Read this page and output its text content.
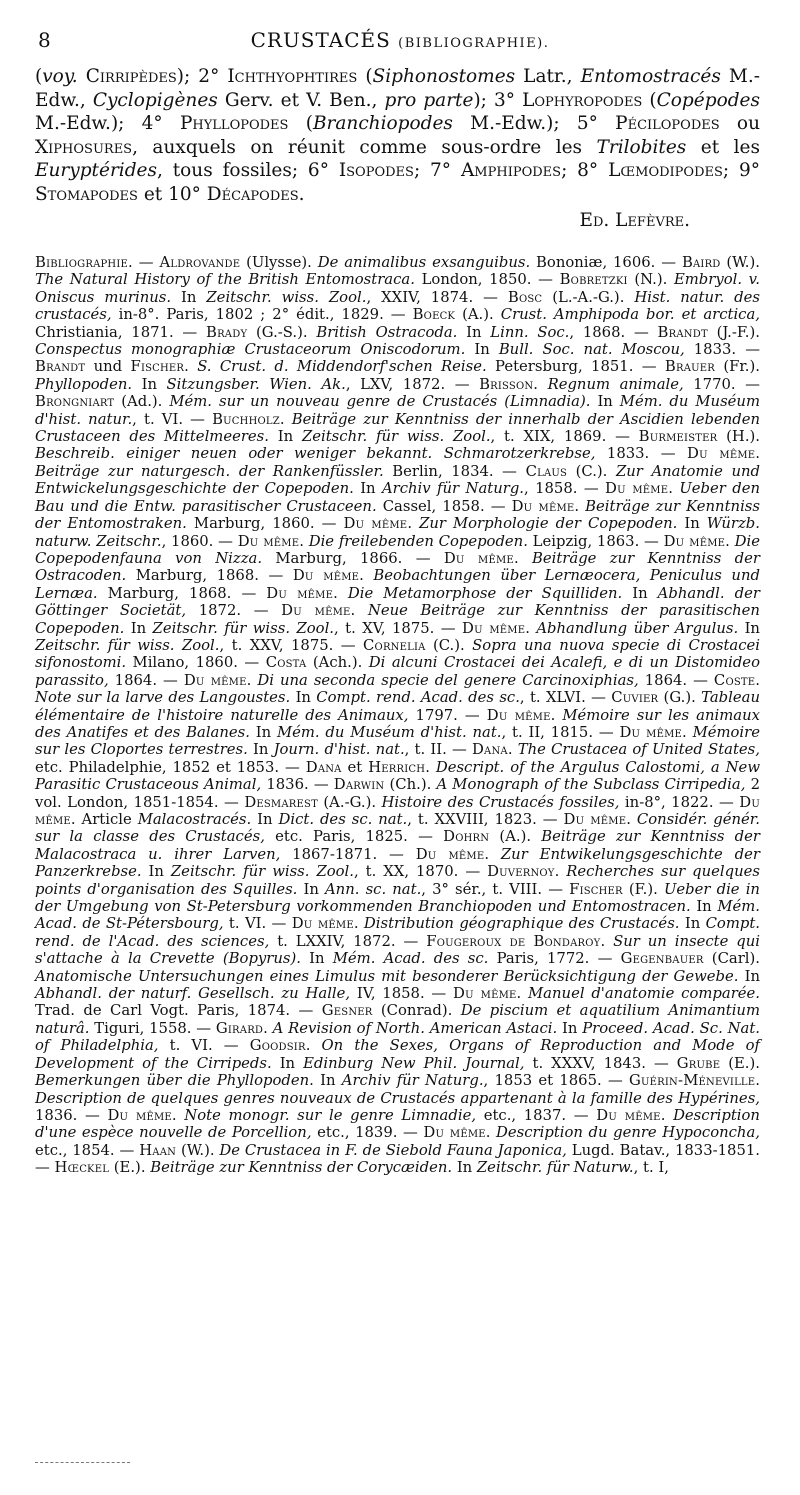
8	CRUSTACÉS (BIBLIOGRAPHIE).

(voy. Cirripèdes); 2° Ichthyophtires (Siphonostomes Latr., Entomostracés M.-Edw., Cyclopigènes Gerv. et V. Ben., pro parte); 3° Lophyropodes (Copépodes M.-Edw.); 4° Phyllopodes (Branchiopodes M.-Edw.); 5° Pécilopodes ou Xiphosures, auxquels on réunit comme sous-ordre les Trilobites et les Euryptérides, tous fossiles; 6° Isopodes; 7° Amphipodes; 8° Lœmodipodes; 9° Stomapodes et 10° Décapodes.
Ed. Lefèvre.

Bibliographie. — Aldrovande (Ulysse). De animalibus exsanguibus. Bononiæ, 1606. — Baird (W.). The Natural History of the British Entomostraca. London, 1850. — Bobretzki (N.). Embryol. v. Oniscus murinus. In Zeitschr. wiss. Zool., XXIV, 1874. — Bosc (L.-A.-G.). Hist. natur. des crustacés, in-8°. Paris, 1802 ; 2° édit., 1829. — Boeck (A.). Crust. Amphipoda bor. et arctica, Christiania, 1871. — Brady (G.-S.). British Ostracoda. In Linn. Soc., 1868. — Brandt (J.-F.). Conspectus monographiæ Crustaceorum Oniscodorum. In Bull. Soc. nat. Moscou, 1833. — Brandt und Fischer. S. Crust. d. Middendorf'schen Reise. Petersburg, 1851. — Brauer (Fr.). Phyllopoden. In Sitzungsber. Wien. Ak., LXV, 1872. — Brisson. Regnum animale, 1770. — Brongniart (Ad.). Mém. sur un nouveau genre de Crustacés (Limnadia). In Mém. du Muséum d'hist. natur., t. VI. — Buchholz. Beiträge zur Kenntniss der innerhalb der Ascidien lebenden Crustaceen des Mittelmeeres. In Zeitschr. für wiss. Zool., t. XIX, 1869. — Burmeister (H.). Beschreib. einiger neuen oder weniger bekannt. Schmarotzerkrebse, 1833. — Du même. Beiträge zur naturgesch. der Rankenfüssler. Berlin, 1834. — Claus (C.). Zur Anatomie und Entwickelungsgeschichte der Copepoden. In Archiv für Naturg., 1858. — Du même. Ueber den Bau und die Entw. parasitischer Crustaceen. Cassel, 1858. — Du même. Beiträge zur Kenntniss der Entomostraken. Marburg, 1860. — Du même. Zur Morphologie der Copepoden. In Würzb. naturw. Zeitschr., 1860. — Du même. Die freilebenden Copepoden. Leipzig, 1863. — Du même. Die Copepodenfauna von Nizza. Marburg, 1866. — Du même. Beiträge zur Kenntniss der Ostracoden. Marburg, 1868. — Du même. Beobachtungen über Lernæocera, Peniculus und Lernæa. Marburg, 1868. — Du même. Die Metamorphose der Squilliden. In Abhandl. der Göttinger Societät, 1872. — Du même. Neue Beiträge zur Kenntniss der parasitischen Copepoden. In Zeitschr. für wiss. Zool., t. XV, 1875. — Du même. Abhandlung über Argulus. In Zeitschr. für wiss. Zool., t. XXV, 1875. — Cornelia (C.). Sopra una nuova specie di Crostacei sifonostomi. Milano, 1860. — Costa (Ach.). Di alcuni Crostacei dei Acalefi, e di un Distomideo parassito, 1864. — Du même. Di una seconda specie del genere Carcinoxiphias, 1864. — Coste. Note sur la larve des Langoustes. In Compt. rend. Acad. des sc., t. XLVI. — Cuvier (G.). Tableau élémentaire de l'histoire naturelle des Animaux, 1797. — Du même. Mémoire sur les animaux des Anatifes et des Balanes. In Mém. du Muséum d'hist. nat., t. II, 1815. — Du même. Mémoire sur les Cloportes terrestres. In Journ. d'hist. nat., t. II. — Dana. The Crustacea of United States, etc. Philadelphie, 1852 et 1853. — Dana et Herrich. Descript. of the Argulus Calostomi, a New Parasitic Crustaceous Animal, 1836. — Darwin (Ch.). A Monograph of the Subclass Cirripedia, 2 vol. London, 1851-1854. — Desmarest (A.-G.). Histoire des Crustacés fossiles, in-8°, 1822. — Du même. Article Malacostracés. In Dict. des sc. nat., t. XXVIII, 1823. — Du même. Considér. génér. sur la classe des Crustacés, etc. Paris, 1825. — Dohrn (A.). Beiträge zur Kenntniss der Malacostraca u. ihrer Larven, 1867-1871. — Du même. Zur Entwikelungsgeschichte der Panzerkrebse. In Zeitschr. für wiss. Zool., t. XX, 1870. — Duvernoy. Recherches sur quelques points d'organisation des Squilles. In Ann. sc. nat., 3° sér., t. VIII. — Fischer (F.). Ueber die in der Umgebung von St-Petersburg vorkommenden Branchiopoden und Entomostracen. In Mém. Acad. de St-Pétersbourg, t. VI. — Du même. Distribution géographique des Crustacés. In Compt. rend. de l'Acad. des sciences, t. LXXIV, 1872. — Fougeroux de Bondaroy. Sur un insecte qui s'attache à la Crevette (Bopyrus). In Mém. Acad. des sc. Paris, 1772. — Gegenbauer (Carl). Anatomische Untersuchungen eines Limulus mit besonderer Berücksichtigung der Gewebe. In Abhandl. der naturf. Gesellsch. zu Halle, IV, 1858. — Du même. Manuel d'anatomie comparée. Trad. de Carl Vogt. Paris, 1874. — Gesner (Conrad). De piscium et aquatilium Animantium naturâ. Tiguri, 1558. — Girard. A Revision of North. American Astaci. In Proceed. Acad. Sc. Nat. of Philadelphia, t. VI. — Goodsir. On the Sexes, Organs of Reproduction and Mode of Development of the Cirripeds. In Edinburg New Phil. Journal, t. XXXV, 1843. — Grube (E.). Bemerkungen über die Phyllopoden. In Archiv für Naturg., 1853 et 1865. — Guérin-Méneville. Description de quelques genres nouveaux de Crustacés appartenant à la famille des Hypérines, 1836. — Du même. Note monogr. sur le genre Limnadie, etc., 1837. — Du même. Description d'une espèce nouvelle de Porcellion, etc., 1839. — Du même. Description du genre Hypoconcha, etc., 1854. — Haan (W.). De Crustacea in F. de Siebold Fauna Japonica, Lugd. Batav., 1833-1851. — Hœckel (E.). Beiträge zur Kenntniss der Corycæiden. In Zeitschr. für Naturw., t. I,
